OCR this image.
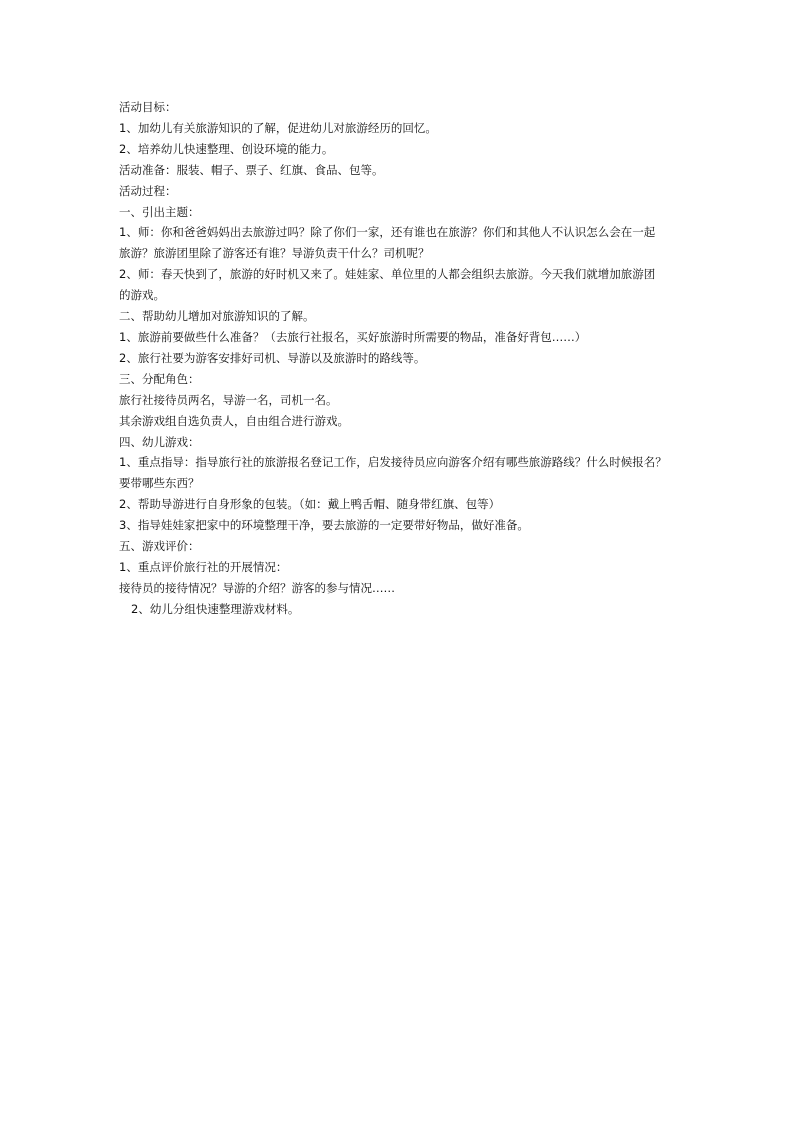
活动目标：

1、加幼儿有关旅游知识的了解，促进幼儿对旅游经历的回忆。

2、培养幼儿快速整理、创设环境的能力。

活动准备：服装、帽子、票子、红旗、食品、包等。

活动过程：

一、引出主题：

1、师：你和爸爸妈妈出去旅游过吗？除了你们一家，还有谁也在旅游？你们和其他人不认识怎么会在一起

旅游？旅游团里除了游客还有谁？导游负责干什么？司机呢？

2、师：春天快到了，旅游的好时机又来了。娃娃家、单位里的人都会组织去旅游。今天我们就增加旅游团

的游戏。

二、帮助幼儿增加对旅游知识的了解。

1、旅游前要做些什么准备？（去旅行社报名，买好旅游时所需要的物品，准备好背包……）

2、旅行社要为游客安排好司机、导游以及旅游时的路线等。

三、分配角色：

旅行社接待员两名，导游一名，司机一名。

其余游戏组自选负责人，自由组合进行游戏。

四、幼儿游戏：

1、重点指导：指导旅行社的旅游报名登记工作，启发接待员应向游客介绍有哪些旅游路线？什么时候报名？

要带哪些东西？

2、帮助导游进行自身形象的包装。（如：戴上鸭舌帽、随身带红旗、包等）

3、指导娃娃家把家中的环境整理干净，要去旅游的一定要带好物品，做好准备。

五、游戏评价：

1、重点评价旅行社的开展情况：

接待员的接待情况？导游的介绍？游客的参与情况……

2、幼儿分组快速整理游戏材料。
